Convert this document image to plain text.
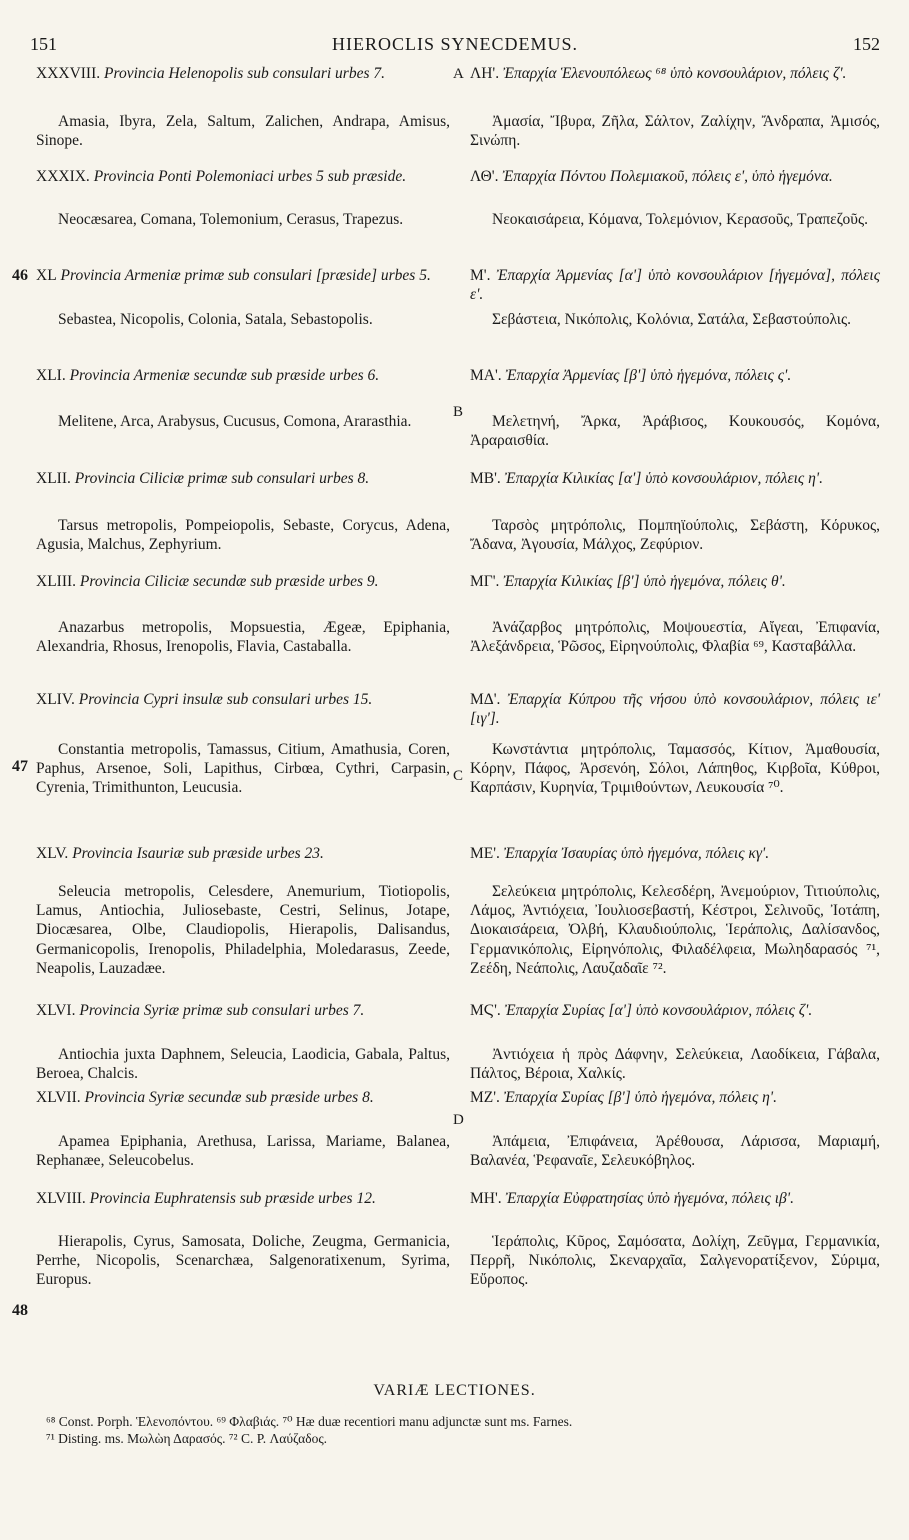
151	HIEROCLIS SYNECDEMUS.	152

XXXVIII. Provincia Helenopolis sub consulari urbes 7.

Amasia, Ibyra, Zela, Saltum, Zalichen, Andrapa, Amisus, Sinope.

XXXIX. Provincia Ponti Polemoniaci urbes 5 sub præside.

Neocæsarea, Comana, Tolemonium, Cerasus, Trapezus.

XL Provincia Armeniæ primæ sub consulari [præside] urbes 5.

Sebastea, Nicopolis, Colonia, Satala, Sebastopolis.

XLI. Provincia Armeniæ secundæ sub præside urbes 6.

Melitene, Arca, Arabysus, Cucusus, Comona, Ararasthia.

XLII. Provincia Ciliciæ primæ sub consulari urbes 8.

Tarsus metropolis, Pompeiopolis, Sebaste, Corycus, Adena, Agusia, Malchus, Zephyrium.

XLIII. Provincia Ciliciæ secundæ sub præside urbes 9.

Anazarbus metropolis, Mopsuestia, Ægeæ, Epiphania, Alexandria, Rhosus, Irenopolis, Flavia, Castaballa.

XLIV. Provincia Cypri insulæ sub consulari urbes 15.

Constantia metropolis, Tamassus, Citium, Amathusia, Coren, Paphus, Arsenoe, Soli, Lapithus, Cirbœa, Cythri, Carpasin, Cyrenia, Trimithunton, Leucusia.

XLV. Provincia Isauriæ sub præside urbes 23.

Seleucia metropolis, Celesdere, Anemurium, Tiotiopolis, Lamus, Antiochia, Juliosebaste, Cestri, Selinus, Jotape, Diocæsarea, Olbe, Claudiopolis, Hierapolis, Dalisandus, Germanicopolis, Irenopolis, Philadelphia, Moledarasus, Zeede, Neapolis, Lauzadæe.

XLVI. Provincia Syriæ primæ sub consulari urbes 7.

Antiochia juxta Daphnem, Seleucia, Laodicia, Gabala, Paltus, Beroea, Chalcis.

XLVII. Provincia Syriæ secundæ sub præside urbes 8.

Apamea Epiphania, Arethusa, Larissa, Mariame, Balanea, Rephanæe, Seleucobelus.

XLVIII. Provincia Euphratensis sub præside urbes 12.

Hierapolis, Cyrus, Samosata, Doliche, Zeugma, Germanicia, Perrhe, Nicopolis, Scenarchæa, Salgenoratixenum, Syrima, Europus.

ΛΗ'. Ἐπαρχία Ἑλενουπόλεως ⁶⁸ ὑπὸ κονσουλάριον, πόλεις ζ'.

Ἀμασία, Ἴβυρα, Ζῆλα, Σάλτον, Ζαλίχην, Ἄνδραπα, Ἀμισός, Σινώπη.

ΛΘ'. Ἐπαρχία Πόντου Πολεμιακοῦ, πόλεις ε', ὑπὸ ἡγεμόνα.

Νεοκαισάρεια, Κόμανα, Τολεμόνιον, Κερασοῦς, Τραπεζοῦς.

Μ'. Ἐπαρχία Ἀρμενίας [α'] ὑπὸ κονσουλάριον [ἡγεμόνα], πόλεις ε'.

Σεβάστεια, Νικόπολις, Κολόνια, Σατάλα, Σεβαστούπολις.

ΜΑ'. Ἐπαρχία Ἀρμενίας [β'] ὑπὸ ἡγεμόνα, πόλεις ς'.

Μελετηνή, Ἄρκα, Ἀράβισος, Κουκουσός, Κομόνα, Ἀραραισθία.

ΜΒ'. Ἐπαρχία Κιλικίας [α'] ὑπὸ κονσουλάριον, πόλεις η'.

Ταρσὸς μητρόπολις, Πομπηϊούπολις, Σεβάστη, Κόρυκος, Ἄδανα, Ἀγουσία, Μάλχος, Ζεφύριον.

ΜΓ'. Ἐπαρχία Κιλικίας [β'] ὑπὸ ἡγεμόνα, πόλεις θ'.

Ἀνάζαρβος μητρόπολις, Μοψουεστία, Αἴγεαι, Ἐπιφανία, Ἀλεξάνδρεια, Ῥῶσος, Εἰρηνούπολις, Φλαβία ⁶⁹, Κασταβάλλα.

ΜΔ'. Ἐπαρχία Κύπρου τῆς νήσου ὑπὸ κονσουλάριον, πόλεις ιε' [ιγ'].

Κωνστάντια μητρόπολις, Ταμασσός, Κίτιον, Ἀμαθουσία, Κόρην, Πάφος, Ἀρσενόη, Σόλοι, Λάπηθος, Κιρβοῖα, Κύθροι, Καρπάσιν, Κυρηνία, Τριμιθούντων, Λευκουσία ⁷⁰.

ΜΕ'. Ἐπαρχία Ἰσαυρίας ὑπὸ ἡγεμόνα, πόλεις κγ'.

Σελεύκεια μητρόπολις, Κελεσδέρη, Ἀνεμούριον, Τιτιούπολις, Λάμος, Ἀντιόχεια, Ἰουλιοσεβαστή, Κέστροι, Σελινοῦς, Ἰοτάπη, Διοκαισάρεια, Ὀλβή, Κλαυδιούπολις, Ἱεράπολις, Δαλίσανδος, Γερμανικόπολις, Εἰρηνόπολις, Φιλαδέλφεια, Μωληδαρασός ⁷¹, Ζεέδη, Νεάπολις, Λαυζαδαῖε ⁷².

ΜϚ'. Ἐπαρχία Συρίας [α'] ὑπὸ κονσουλάριον, πόλεις ζ'.

Ἀντιόχεια ἡ πρὸς Δάφνην, Σελεύκεια, Λαοδίκεια, Γάβαλα, Πάλτος, Βέροια, Χαλκίς.

ΜΖ'. Ἐπαρχία Συρίας [β'] ὑπὸ ἡγεμόνα, πόλεις η'.

Ἀπάμεια, Ἐπιφάνεια, Ἀρέθουσα, Λάρισσα, Μαριαμή, Βαλανέα, Ῥεφαναῖε, Σελευκόβηλος.

ΜΗ'. Ἐπαρχία Εὐφρατησίας ὑπὸ ἡγεμόνα, πόλεις ιβ'.

Ἱεράπολις, Κῦρος, Σαμόσατα, Δολίχη, Ζεῦγμα, Γερμανικία, Περρῆ, Νικόπολις, Σκεναρχαῖα, Σαλγενορατίξενον, Σύριμα, Εὔροπος.

A
B
C
D
46
47
48
VARIÆ LECTIONES.

⁶⁸ Const. Porph. Ἑλενοπόντου. ⁶⁹ Φλαβιάς. ⁷⁰ Hæ duæ recentiori manu adjunctæ sunt ms. Farnes.

⁷¹ Disting. ms. Μωλὼη Δαρασός. ⁷² C. P. Λαύζαδος.
